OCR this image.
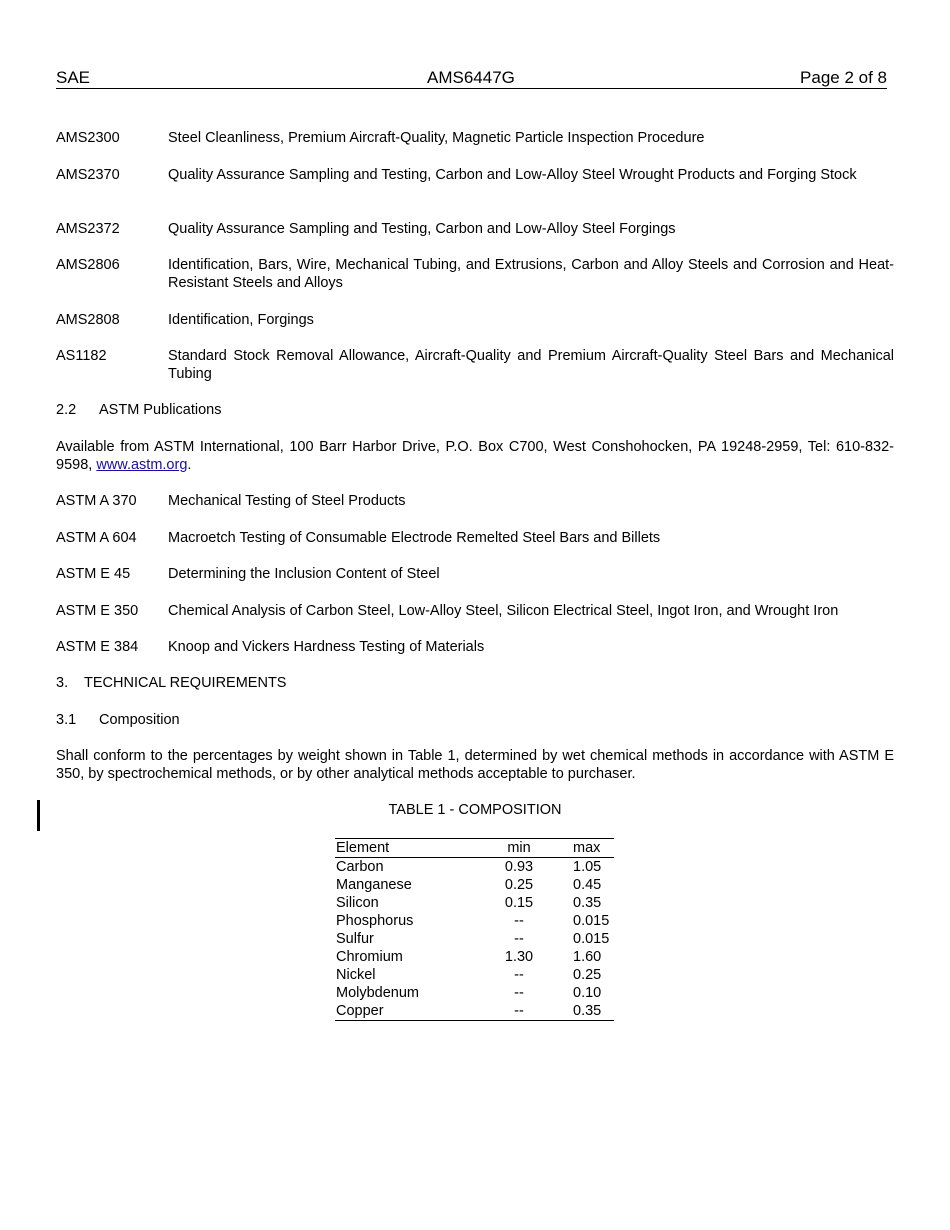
SAE	AMS6447G	Page 2 of 8
AMS2300	Steel Cleanliness, Premium Aircraft-Quality, Magnetic Particle Inspection Procedure
AMS2370	Quality Assurance Sampling and Testing, Carbon and Low-Alloy Steel Wrought Products and Forging Stock
AMS2372	Quality Assurance Sampling and Testing, Carbon and Low-Alloy Steel Forgings
AMS2806	Identification, Bars, Wire, Mechanical Tubing, and Extrusions, Carbon and Alloy Steels and Corrosion and Heat-Resistant Steels and Alloys
AMS2808	Identification, Forgings
AS1182	Standard Stock Removal Allowance, Aircraft-Quality and Premium Aircraft-Quality Steel Bars and Mechanical Tubing
2.2 ASTM Publications
Available from ASTM International, 100 Barr Harbor Drive, P.O. Box C700, West Conshohocken, PA 19248-2959, Tel: 610-832-9598, www.astm.org.
ASTM A 370 Mechanical Testing of Steel Products
ASTM A 604 Macroetch Testing of Consumable Electrode Remelted Steel Bars and Billets
ASTM E 45	Determining the Inclusion Content of Steel
ASTM E 350 Chemical Analysis of Carbon Steel, Low-Alloy Steel, Silicon Electrical Steel, Ingot Iron, and Wrought Iron
ASTM E 384 Knoop and Vickers Hardness Testing of Materials
3. TECHNICAL REQUIREMENTS
3.1 Composition
Shall conform to the percentages by weight shown in Table 1, determined by wet chemical methods in accordance with ASTM E 350, by spectrochemical methods, or by other analytical methods acceptable to purchaser.
TABLE 1 - COMPOSITION
Element	min	max
Carbon	0.93	1.05
Manganese	0.25	0.45
Silicon	0.15	0.35
Phosphorus	--	0.015
Sulfur	--	0.015
Chromium	1.30	1.60
Nickel	--	0.25
Molybdenum	--	0.10
Copper	--	0.35
